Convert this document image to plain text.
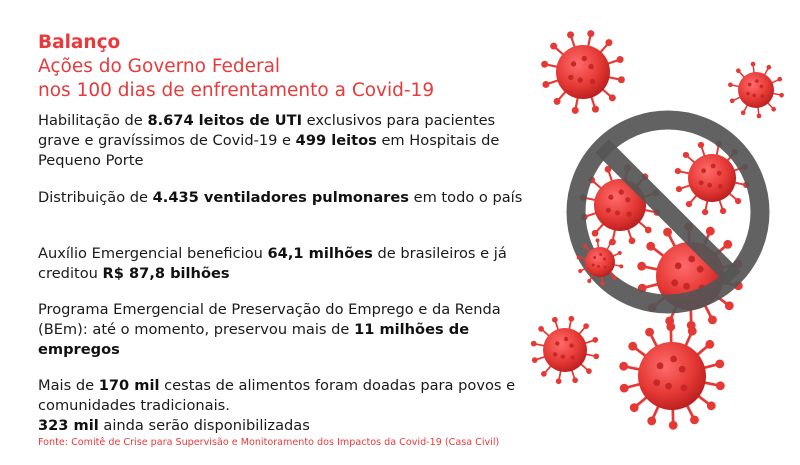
Balanço
Ações do Governo Federal
nos 100 dias de enfrentamento a Covid-19
Habilitação de 8.674 leitos de UTI exclusivos para pacientes grave e gravíssimos de Covid-19 e 499 leitos em Hospitais de Pequeno Porte
Distribuição de 4.435 ventiladores pulmonares em todo o país
Auxílio Emergencial beneficiou 64,1 milhões de brasileiros e já creditou R$ 87,8 bilhões
Programa Emergencial de Preservação do Emprego e da Renda (BEm): até o momento, preservou mais de 11 milhões de empregos
Mais de 170 mil cestas de alimentos foram doadas para povos e comunidades tradicionais.
323 mil ainda serão disponibilizadas
Fonte: Comitê de Crise para Supervisão e Monitoramento dos Impactos da Covid-19 (Casa Civil)
